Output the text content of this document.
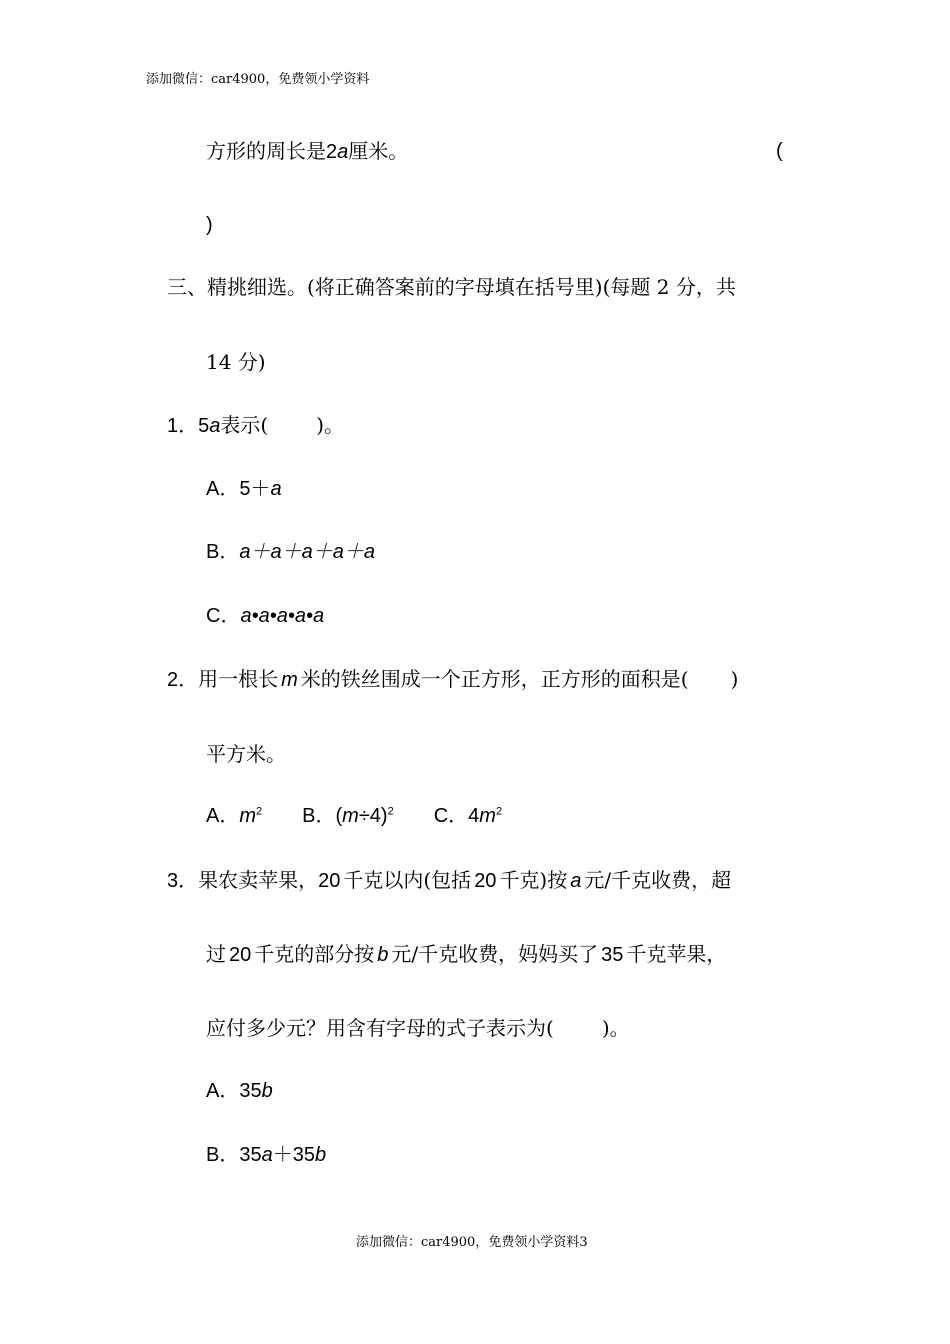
添加微信：car4900，免费领小学资料
方形的周长是2a厘米。	(
)
三、精挑细选。(将正确答案前的字母填在括号里)(每题 2 分，共
14 分)
1．5a表示( )。
A．5＋a
B．a＋a＋a＋a＋a
C．a•a•a•a•a
2．用一根长 m 米的铁丝围成一个正方形，正方形的面积是( )
平方米。
A．$m^2$ B．$(m\div 4)^2$ C．$4m^2$
3．果农卖苹果，20 千克以内(包括 20 千克)按 a 元/千克收费，超
过 20 千克的部分按 b 元/千克收费，妈妈买了 35 千克苹果，
应付多少元？用含有字母的式子表示为( )。
A．35b
B．35a＋35b
添加微信：car4900，免费领小学资料3
